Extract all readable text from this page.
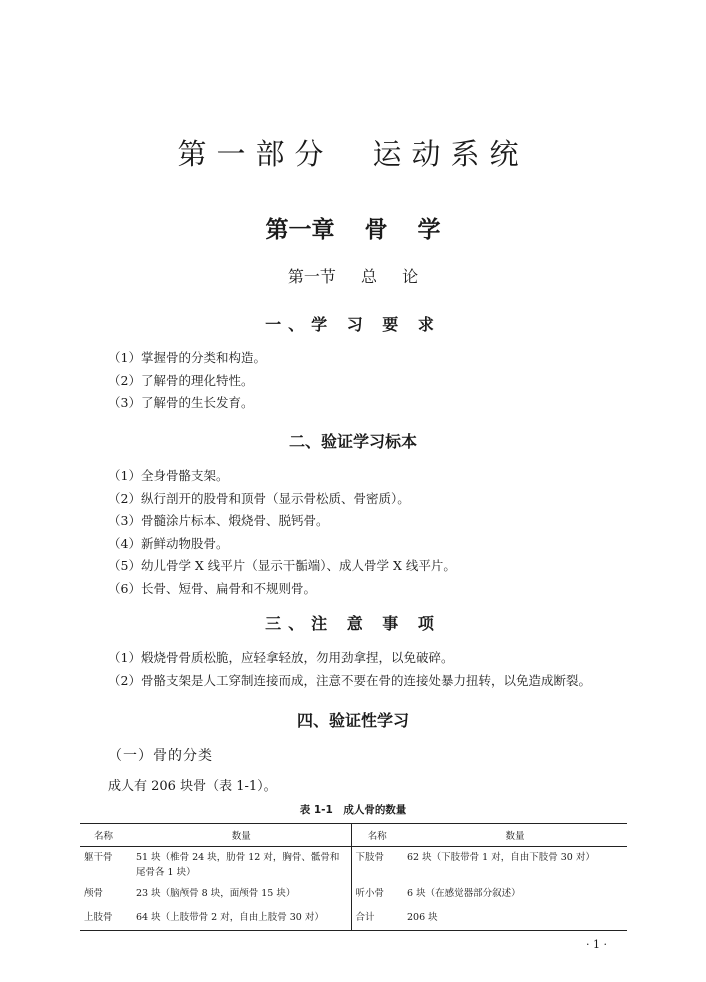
第一部分　运动系统
第一章 骨 学
第一节 总 论
一、学 习 要 求
（1）掌握骨的分类和构造。
（2）了解骨的理化特性。
（3）了解骨的生长发育。
二、验证学习标本
（1）全身骨骼支架。
（2）纵行剖开的股骨和顶骨（显示骨松质、骨密质）。
（3）骨髓涂片标本、煅烧骨、脱钙骨。
（4）新鲜动物股骨。
（5）幼儿骨学 X 线平片（显示干骺端）、成人骨学 X 线平片。
（6）长骨、短骨、扁骨和不规则骨。
三、注 意 事 项
（1）煅烧骨骨质松脆，应轻拿轻放，勿用劲拿捏，以免破碎。
（2）骨骼支架是人工穿制连接而成，注意不要在骨的连接处暴力扭转，以免造成断裂。
四、验证性学习
（一）骨的分类
成人有 206 块骨（表 1-1）。
表 1-1　成人骨的数量
名称	数量	名称	数量
躯干骨	51 块（椎骨 24 块，肋骨 12 对，胸骨、骶骨和尾骨各 1 块）	下肢骨	62 块（下肢带骨 1 对，自由下肢骨 30 对）
颅骨	23 块（脑颅骨 8 块，面颅骨 15 块）	听小骨	6 块（在感觉器部分叙述）
上肢骨	64 块（上肢带骨 2 对，自由上肢骨 30 对）	合计	206 块
· 1 ·
